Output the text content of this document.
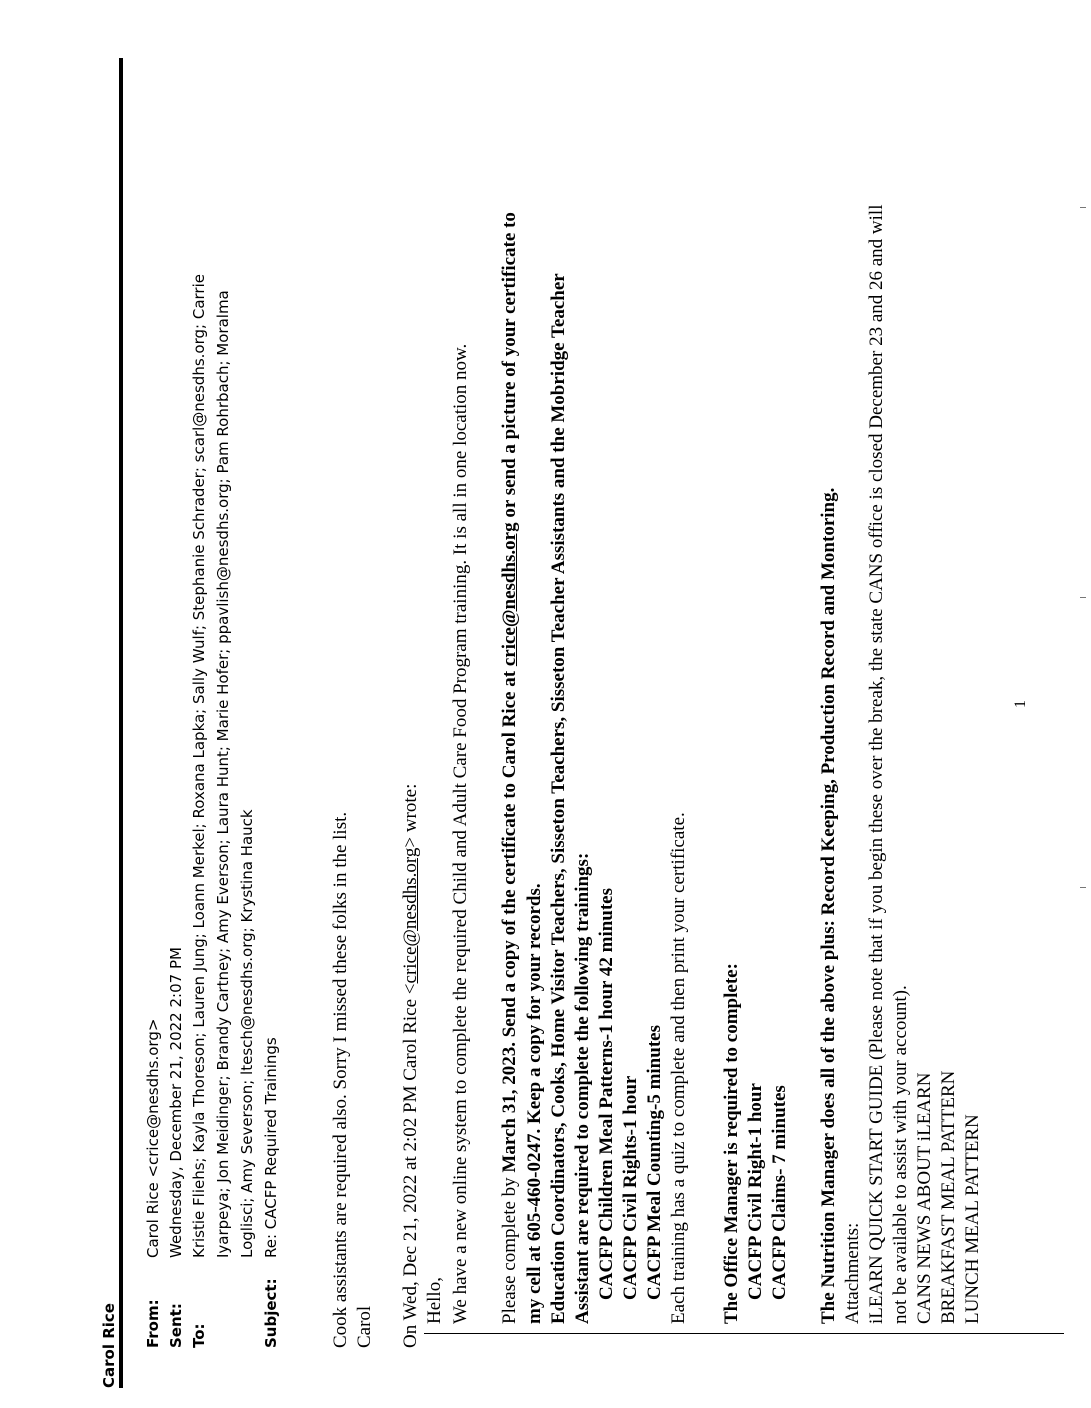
Carol Rice From:
Carol Rice <crice@nesdhs.org>
Sent:
Wednesday, December 21, 2022 2:07 PM
To:
Kristie Fliehs; Kayla Thoreson; Lauren Jung; Loann Merkel; Roxana Lapka; Sally Wulf; Stephanie Schrader; scarl@nesdhs.org; Carrie Iyarpeya; Jon Meidinger; Brandy Cartney; Amy Everson; Laura Hunt; Marie Hofer; ppavlish@nesdhs.org; Pam Rohrbach; Moralma Loglisci; Amy Severson; ltesch@nesdhs.org; Krystina Hauck
Subject:
Re: CACFP Required Trainings	Cook assistants are required also. Sorry I missed these folks in the list. Carol On Wed, Dec 21, 2022 at 2:02 PM Carol Rice <crice@nesdhs.org> wrote:
Hello, We have a new online system to complete the required Child and Adult Care Food Program training. It is all in one location now. Please complete by March 31, 2023. Send a copy of the certificate to Carol Rice at crice@nesdhs.org or send a picture of your certificate to
my cell at 605-460-0247. Keep a copy for your records. Education Coordinators, Cooks, Home Visitor Teachers, Sisseton Teachers, Sisseton Teacher Assistants and the Mobridge Teacher Assistant are required to complete the following trainings: CACFP Children Meal Patterns-1 hour 42 minutes CACFP Civil Rights-1 hour CACFP Meal Counting-5 minutes Each training has a quiz to complete and then print your certificate. The Office Manager is required to complete: CACFP Civil Right-1 hour CACFP Claims- 7 minutes The Nutrition Manager does all of the above plus: Record Keeping, Production Record and Montoring. Attachments: iLEARN QUICK START GUIDE (Please note that if you begin these over the break, the state CANS office is closed December 23 and 26 and will not be available to assist with your account). CANS NEWS ABOUT iLEARN BREAKFAST MEAL PATTERN LUNCH MEAL PATTERN
1
